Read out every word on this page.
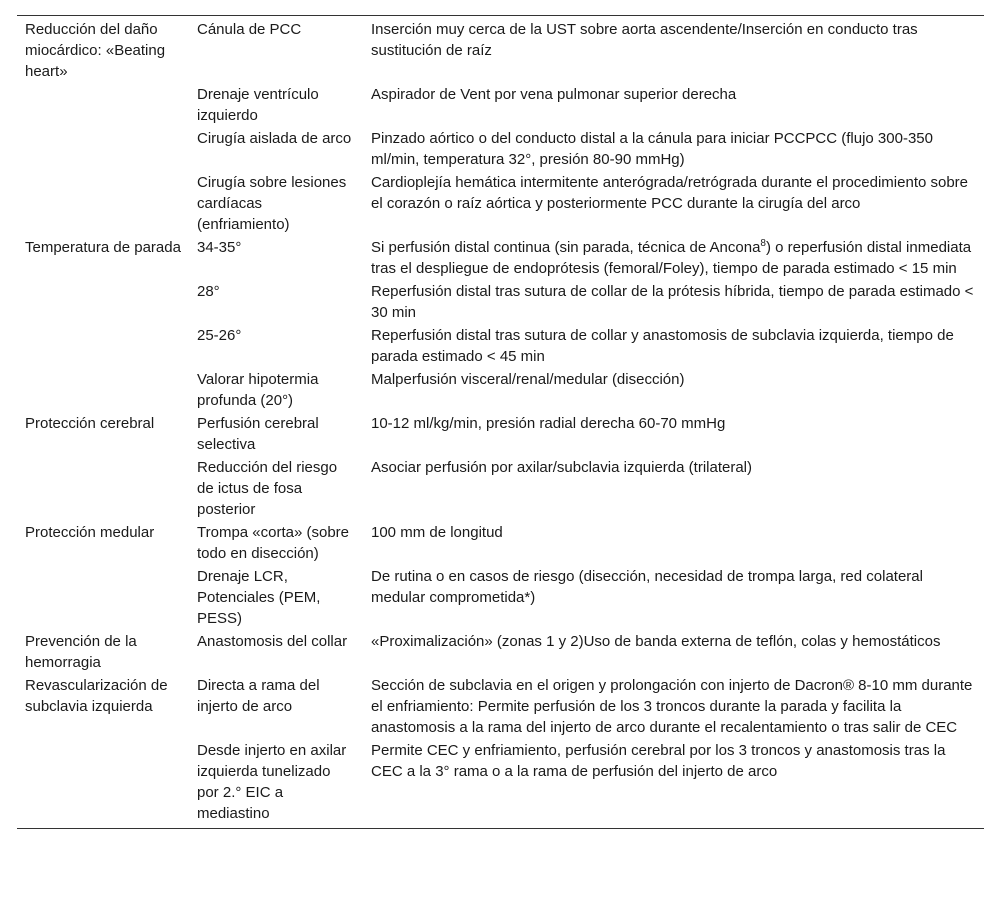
Reducción del daño miocárdico: «Beating heart»	Cánula de PCC	Inserción muy cerca de la UST sobre aorta ascendente/Inserción en conducto tras sustitución de raíz
	Drenaje ventrículo izquierdo	Aspirador de Vent por vena pulmonar superior derecha
	Cirugía aislada de arco	Pinzado aórtico o del conducto distal a la cánula para iniciar PCCPCC (flujo 300-350 ml/min, temperatura 32°, presión 80-90 mmHg)
	Cirugía sobre lesiones cardíacas (enfriamiento)	Cardioplejía hemática intermitente anterógrada/retrógrada durante el procedimiento sobre el corazón o raíz aórtica y posteriormente PCC durante la cirugía del arco
Temperatura de parada	34-35°	Si perfusión distal continua (sin parada, técnica de Ancona$^8$) o reperfusión distal inmediata tras el despliegue de endoprótesis (femoral/Foley), tiempo de parada estimado < 15 min
	28°	Reperfusión distal tras sutura de collar de la prótesis híbrida, tiempo de parada estimado < 30 min
	25-26°	Reperfusión distal tras sutura de collar y anastomosis de subclavia izquierda, tiempo de parada estimado < 45 min
	Valorar hipotermia profunda (20°)	Malperfusión visceral/renal/medular (disección)
Protección cerebral	Perfusión cerebral selectiva	10-12 ml/kg/min, presión radial derecha 60-70 mmHg
	Reducción del riesgo de ictus de fosa posterior	Asociar perfusión por axilar/subclavia izquierda (trilateral)
Protección medular	Trompa «corta» (sobre todo en disección)	100 mm de longitud
	Drenaje LCR, Potenciales (PEM, PESS)	De rutina o en casos de riesgo (disección, necesidad de trompa larga, red colateral medular comprometida*)
Prevención de la hemorragia	Anastomosis del collar	«Proximalización» (zonas 1 y 2)Uso de banda externa de teflón, colas y hemostáticos
Revascularización de subclavia izquierda	Directa a rama del injerto de arco	Sección de subclavia en el origen y prolongación con injerto de Dacron® 8-10 mm durante el enfriamiento: Permite perfusión de los 3 troncos durante la parada y facilita la anastomosis a la rama del injerto de arco durante el recalentamiento o tras salir de CEC
	Desde injerto en axilar izquierda tunelizado por 2.° EIC a mediastino	Permite CEC y enfriamiento, perfusión cerebral por los 3 troncos y anastomosis tras la CEC a la 3° rama o a la rama de perfusión del injerto de arco
